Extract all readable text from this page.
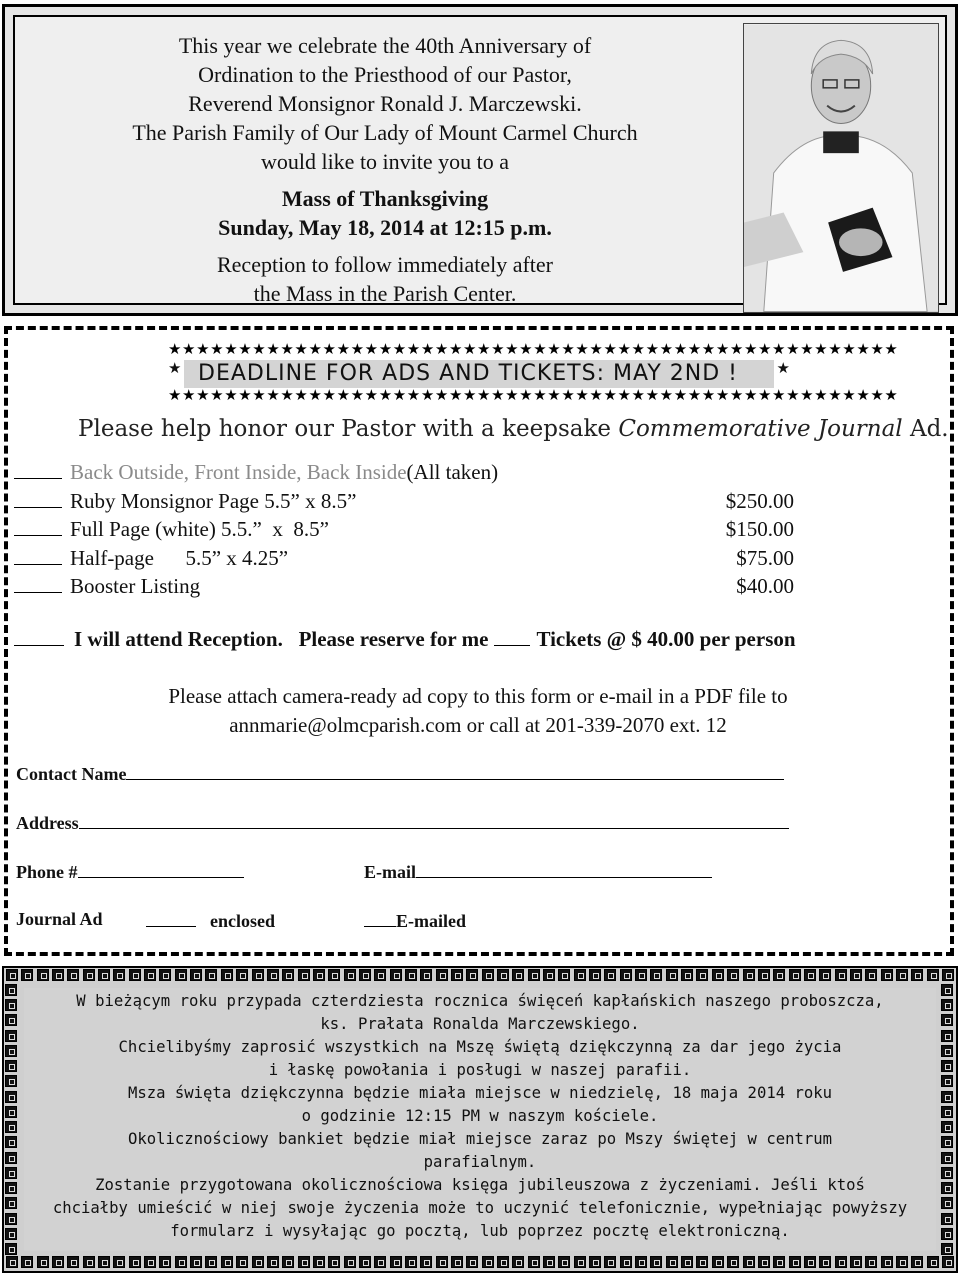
This year we celebrate the 40th Anniversary of
Ordination to the Priesthood of our Pastor,
Reverend Monsignor Ronald J. Marczewski.
The Parish Family of Our Lady of Mount Carmel Church
would like to invite you to a
Mass of Thanksgiving
Sunday, May 18, 2014 at 12:15 p.m.
Reception to follow immediately after
the Mass in the Parish Center.
★★★★★★★★★★★★★★★★★★★★★★★★★★★★★★★★★★★★★★★★★★★★★★★★★★★★
★ DEADLINE FOR ADS AND TICKETS: MAY 2ND !	★
★★★★★★★★★★★★★★★★★★★★★★★★★★★★★★★★★★★★★★★★★★★★★★★★★★★★
Please help honor our Pastor with a keepsake Commemorative Journal Ad.
Back Outside, Front Inside, Back Inside(All taken)
Ruby Monsignor Page 5.5” x 8.5”	$250.00
Full Page (white) 5.5.”  x  8.5”	$150.00
Half-page      5.5” x 4.25”	$75.00
Booster Listing	$40.00
I will attend Reception.   Please reserve for me Tickets @ $ 40.00 per person
Please attach camera-ready ad copy to this form or e-mail in a PDF file to
annmarie@olmcparish.com or call at 201-339-2070 ext. 12
Contact Name
Address
Phone #	E-mail
Journal Ad	enclosed	E-mailed
W bieżącym roku przypada czterdziesta rocznica święceń kapłańskich naszego proboszcza,
ks. Prałata Ronalda Marczewskiego.
Chcielibyśmy zaprosić wszystkich na Mszę świętą dziękczynną za dar jego życia
i łaskę powołania i posługi w naszej parafii.
Msza święta dziękczynna będzie miała miejsce w niedzielę, 18 maja 2014 roku
o godzinie 12:15 PM w naszym kościele.
Okolicznościowy bankiet będzie miał miejsce zaraz po Mszy świętej w centrum
parafialnym.
Zostanie przygotowana okolicznościowa księga jubileuszowa z życzeniami. Jeśli ktoś
chciałby umieścić w niej swoje życzenia może to uczynić telefonicznie, wypełniając powyższy
formularz i wysyłając go pocztą, lub poprzez pocztę elektroniczną.
